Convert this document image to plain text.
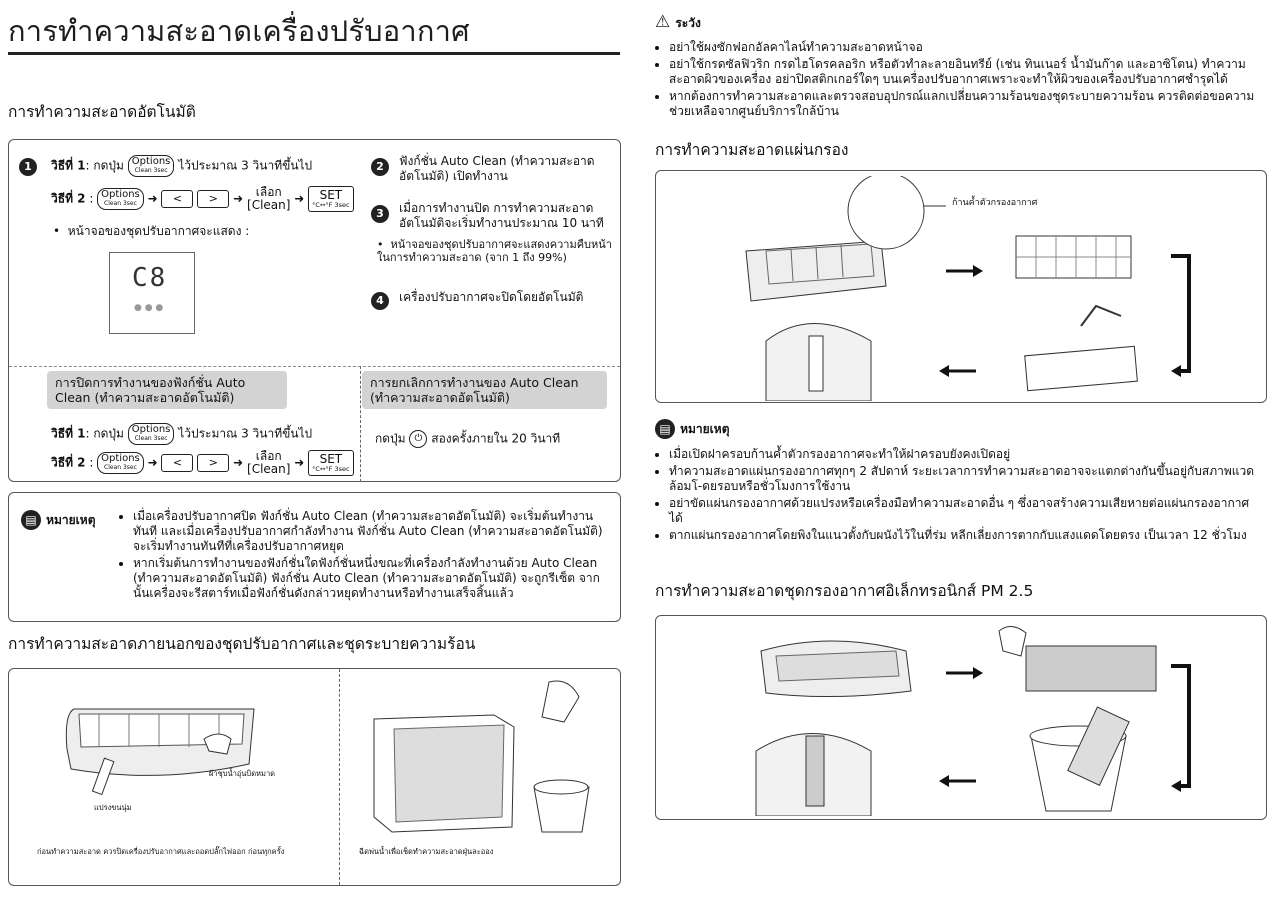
การทำความสะอาดเครื่องปรับอากาศ
การทำความสะอาดอัตโนมัติ
1	วิธีที่ 1: กดปุ่ม Options
Clean 3sec ไว้ประมาณ 3 วินาทีขึ้นไป
วิธีที่ 2 : Options
Clean 3sec ➜ < > ➜	เลือก
[Clean] ➜ SET
°C↔°F 3sec
•  หน้าจอของชุดปรับอากาศจะแสดง :
C8
● ● ●
2	ฟังก์ชั่น Auto Clean (ทำความสะอาดอัตโนมัติ) เปิดทำงาน
3	เมื่อการทำงานปิด การทำความสะอาดอัตโนมัติจะเริ่มทำงานประมาณ 10 นาที
•  หน้าจอของชุดปรับอากาศจะแสดงความคืบหน้าในการทำความสะอาด (จาก 1 ถึง 99%)
4	เครื่องปรับอากาศจะปิดโดยอัตโนมัติ
การปิดการทำงานของฟังก์ชั่น Auto Clean (ทำความสะอาดอัตโนมัติ)
วิธีที่ 1: กดปุ่ม Options
Clean 3sec ไว้ประมาณ 3 วินาทีขึ้นไป
วิธีที่ 2 : Options
Clean 3sec ➜ < > ➜	เลือก
[Clean] ➜ SET
°C↔°F 3sec
การยกเลิกการทำงานของ Auto Clean (ทำความสะอาดอัตโนมัติ)
กดปุ่ม ⏻ สองครั้งภายใน 20 วินาที
▤ หมายเหตุ
•	เมื่อเครื่องปรับอากาศปิด ฟังก์ชั่น Auto Clean (ทำความสะอาดอัตโนมัติ) จะเริ่มต้นทำงานทันที และเมื่อเครื่องปรับอากาศกำลังทำงาน ฟังก์ชั่น Auto Clean (ทำความสะอาดอัตโนมัติ) จะเริ่มทำงานทันทีที่เครื่องปรับอากาศหยุด
• หากเริ่มต้นการทำงานของฟังก์ชั่นใดฟังก์ชั่นหนึ่งขณะที่เครื่องกำลังทำงานด้วย Auto Clean (ทำความสะอาดอัตโนมัติ) ฟังก์ชั่น Auto Clean (ทำความสะอาดอัตโนมัติ) จะถูกรีเซ็ต จากนั้นเครื่องจะรีสตาร์ทเมื่อฟังก์ชั่นดังกล่าวหยุดทำงานหรือทำงานเสร็จสิ้นแล้ว
การทำความสะอาดภายนอกของชุดปรับอากาศและชุดระบายความร้อน
ผ้าชุบน้ำอุ่นบิดหมาด
แปรงขนนุ่ม
ก่อนทำความสะอาด ควรปิดเครื่องปรับอากาศและถอดปลั๊กไฟออก ก่อนทุกครั้ง	ฉีดพ่นน้ำเพื่อเช็ดทำความสะอาดฝุ่นละออง
⚠ ระวัง
• อย่าใช้ผงซักฟอกอัลคาไลน์ทำความสะอาดหน้าจอ
• อย่าใช้กรดซัลฟิวริก กรดไฮโดรคลอริก หรือตัวทำละลายอินทรีย์ (เช่น ทินเนอร์ น้ำมันก๊าด และอาซิโตน) ทำความสะอาดผิวของเครื่อง อย่าปิดสติกเกอร์ใดๆ บนเครื่องปรับอากาศเพราะจะทำให้ผิวของเครื่องปรับอากาศชำรุดได้
• หากต้องการทำความสะอาดและตรวจสอบอุปกรณ์แลกเปลี่ยนความร้อนของชุดระบายความร้อน ควรติดต่อขอความช่วยเหลือจากศูนย์บริการใกล้บ้าน
การทำความสะอาดแผ่นกรอง
ก้านค้ำตัวกรองอากาศ
▤ หมายเหตุ
• เมื่อเปิดฝาครอบก้านค้ำตัวกรองอากาศจะทำให้ฝาครอบยังคงเปิดอยู่
• ทำความสะอาดแผ่นกรองอากาศทุกๆ 2 สัปดาห์ ระยะเวลาการทำความสะอาดอาจจะแตกต่างกันขึ้นอยู่กับสภาพแวดล้อมโ-ดยรอบหรือชั่วโมงการใช้งาน
• อย่าขัดแผ่นกรองอากาศด้วยแปรงหรือเครื่องมือทำความสะอาดอื่น ๆ ซึ่งอาจสร้างความเสียหายต่อแผ่นกรองอากาศได้
• ตากแผ่นกรองอากาศโดยพิงในแนวตั้งกับผนังไว้ในที่ร่ม หลีกเลี่ยงการตากกับแสงแดดโดยตรง เป็นเวลา 12 ชั่วโมง
การทำความสะอาดชุดกรองอากาศอิเล็กทรอนิกส์ PM 2.5
